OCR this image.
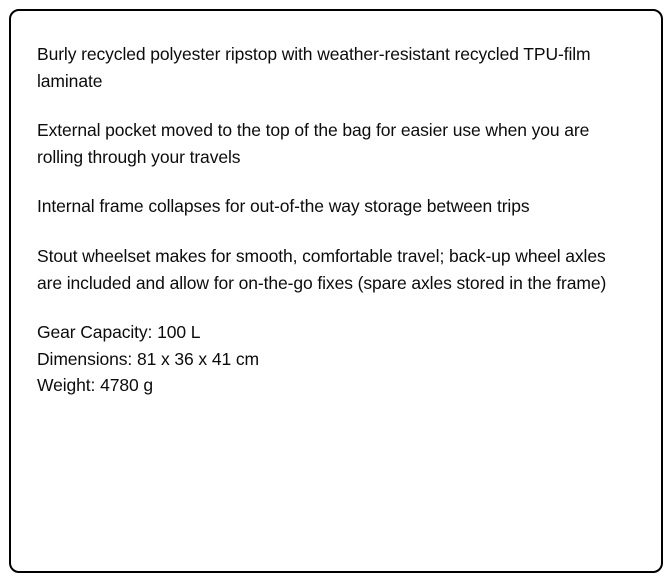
Burly recycled polyester ripstop with weather-resistant recycled TPU-film laminate

External pocket moved to the top of the bag for easier use when you are rolling through your travels

Internal frame collapses for out-of-the way storage between trips

Stout wheelset makes for smooth, comfortable travel; back-up wheel axles are included and allow for on-the-go fixes (spare axles stored in the frame)

Gear Capacity: 100 L
Dimensions: 81 x 36 x 41 cm
Weight: 4780 g
